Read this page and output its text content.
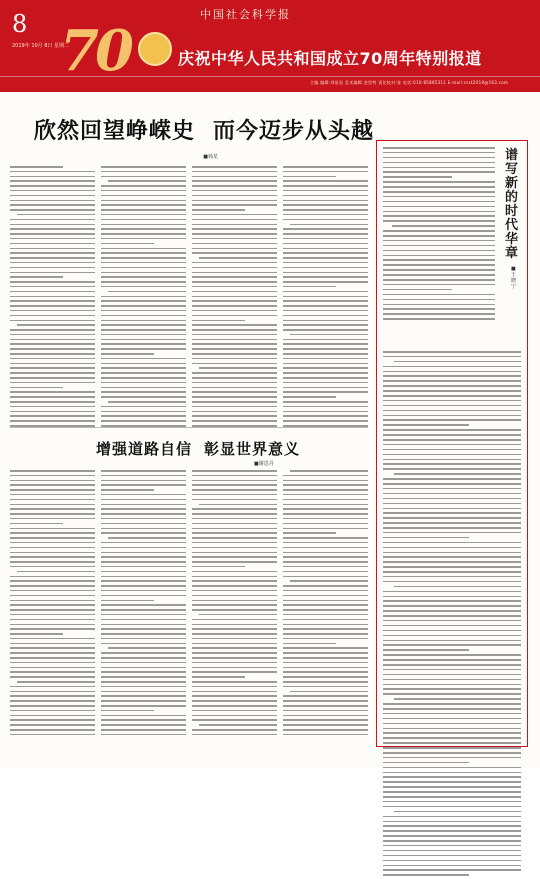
8
2019年 10月 8日 星期二
中国社会科学报
70	庆祝中华人民共和国成立70周年特别报道
主编 编辑:刘星星 美术编辑:金里特 责任校对:张 电话:010-85885311 E-mail:csst2019@163.com
欣然回望峥嵘史 而今迈步从头越
■韩星
增强道路自信 彰显世界意义
■谢思丹
谱写新的时代华章
■王晓宁
